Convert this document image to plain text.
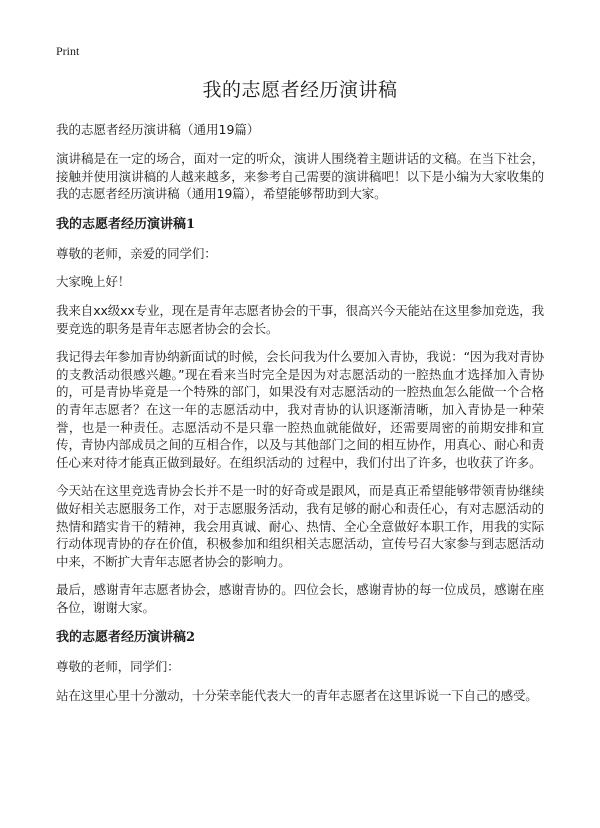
Print

我的志愿者经历演讲稿

我的志愿者经历演讲稿（通用19篇）

演讲稿是在一定的场合，面对一定的听众，演讲人围绕着主题讲话的文稿。在当下社会，接触并使用演讲稿的人越来越多，来参考自己需要的演讲稿吧！以下是小编为大家收集的我的志愿者经历演讲稿（通用19篇），希望能够帮助到大家。

我的志愿者经历演讲稿1

尊敬的老师，亲爱的同学们：

大家晚上好！

我来自xx级xx专业，现在是青年志愿者协会的干事，很高兴今天能站在这里参加竞选，我要竞选的职务是青年志愿者协会的会长。

我记得去年参加青协纳新面试的时候，会长问我为什么要加入青协，我说：“因为我对青协的支教活动很感兴趣。”现在看来当时完全是因为对志愿活动的一腔热血才选择加入青协的，可是青协毕竟是一个特殊的部门，如果没有对志愿活动的一腔热血怎么能做一个合格的青年志愿者？在这一年的志愿活动中，我对青协的认识逐渐清晰，加入青协是一种荣誉，也是一种责任。志愿活动不是只靠一腔热血就能做好，还需要周密的前期安排和宣传，青协内部成员之间的互相合作，以及与其他部门之间的相互协作，用真心、耐心和责任心来对待才能真正做到最好。在组织活动的 过程中，我们付出了许多，也收获了许多。

今天站在这里竞选青协会长并不是一时的好奇或是跟风，而是真正希望能够带领青协继续做好相关志愿服务工作，对于志愿服务活动，我有足够的耐心和责任心，有对志愿活动的热情和踏实肯干的精神，我会用真诚、耐心、热情、全心全意做好本职工作，用我的实际行动体现青协的存在价值，积极参加和组织相关志愿活动，宣传号召大家参与到志愿活动中来，不断扩大青年志愿者协会的影响力。

最后，感谢青年志愿者协会，感谢青协的。四位会长，感谢青协的每一位成员，感谢在座各位，谢谢大家。

我的志愿者经历演讲稿2

尊敬的老师，同学们：

站在这里心里十分激动，十分荣幸能代表大一的青年志愿者在这里诉说一下自己的感受。
